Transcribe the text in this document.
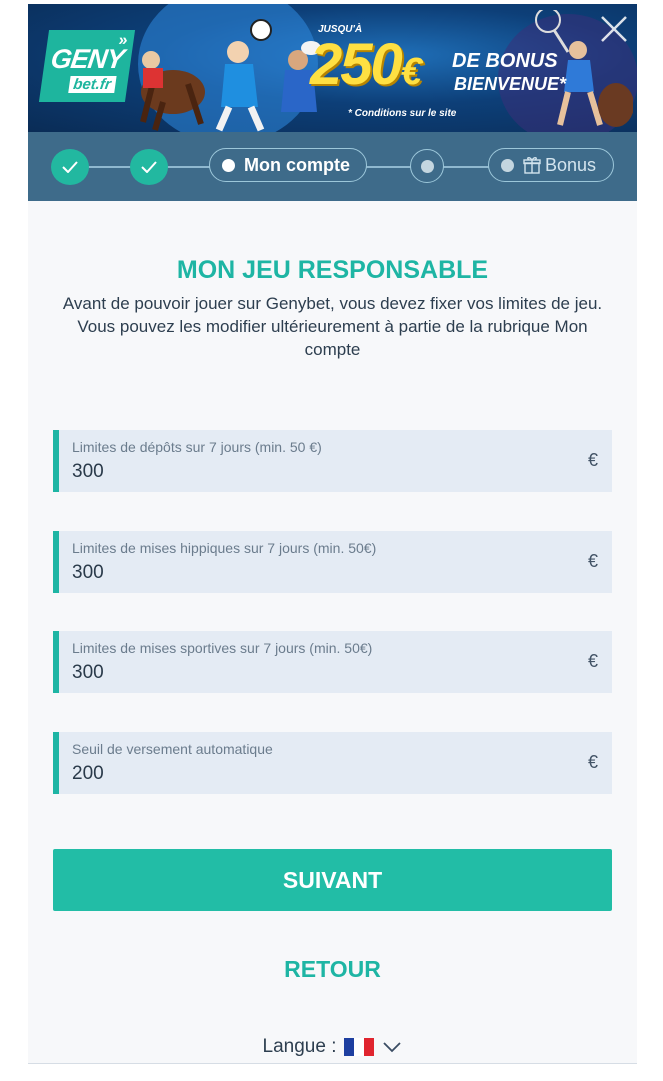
»
GENY
bet.fr
JUSQU'À
250€ DE BONUS
BIENVENUE*
* Conditions sur le site
Mon compte	Bonus
MON JEU RESPONSABLE
Avant de pouvoir jouer sur Genybet, vous devez fixer vos limites de jeu.
Vous pouvez les modifier ultérieurement à partie de la rubrique Mon compte
Limites de dépôts sur 7 jours (min. 50 €)
300
€
Limites de mises hippiques sur 7 jours (min. 50€)
300
€
Limites de mises sportives sur 7 jours (min. 50€)
300
€
Seuil de versement automatique
200
€
SUIVANT
RETOUR
Langue :
